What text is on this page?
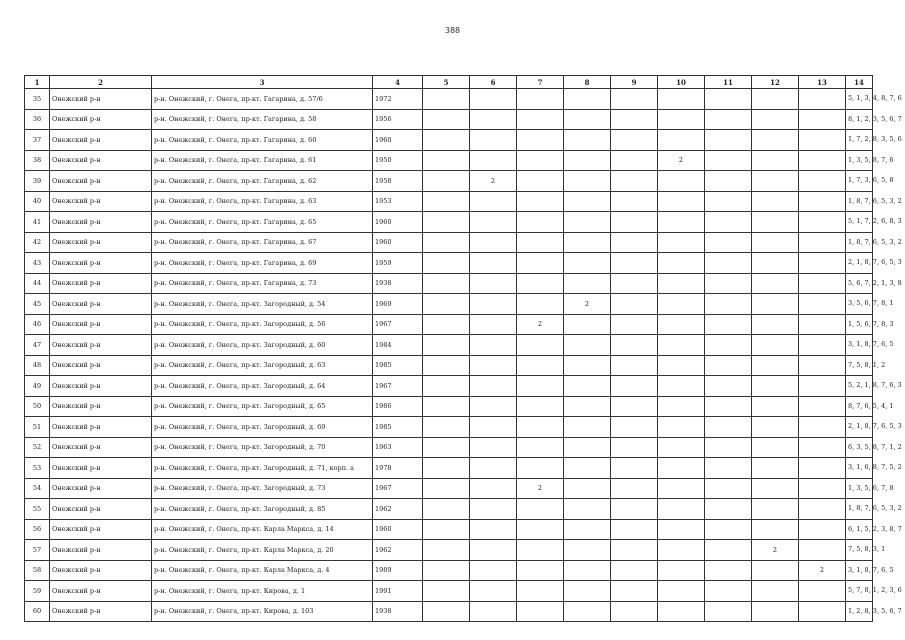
388
1	2	3	4	5	6	7	8	9	10	11	12	13	14
35	Онежский р-н	р-н. Онежский, г. Онега, пр-кт. Гагарина, д. 57/6	1972										5, 1, 3, 4, 8, 7, 6
36	Онежский р-н	р-н. Онежский, г. Онега, пр-кт. Гагарина, д. 58	1956										8, 1, 2, 3, 5, 6, 7
37	Онежский р-н	р-н. Онежский, г. Онега, пр-кт. Гагарина, д. 60	1960										1, 7, 2, 8, 3, 5, 6
38	Онежский р-н	р-н. Онежский, г. Онега, пр-кт. Гагарина, д. 61	1950						2				1, 3, 5, 8, 7, 6
39	Онежский р-н	р-н. Онежский, г. Онега, пр-кт. Гагарина, д. 62	1958		2								1, 7, 3, 6, 5, 8
40	Онежский р-н	р-н. Онежский, г. Онега, пр-кт. Гагарина, д. 63	1953										1, 8, 7, 6, 5, 3, 2
41	Онежский р-н	р-н. Онежский, г. Онега, пр-кт. Гагарина, д. 65	1960										5, 1, 7, 2, 6, 8, 3
42	Онежский р-н	р-н. Онежский, г. Онега, пр-кт. Гагарина, д. 67	1960										1, 8, 7, 6, 5, 3, 2
43	Онежский р-н	р-н. Онежский, г. Онега, пр-кт. Гагарина, д. 69	1959										2, 1, 8, 7, 6, 5, 3
44	Онежский р-н	р-н. Онежский, г. Онега, пр-кт. Гагарина, д. 73	1938										5, 6, 7, 2, 1, 3, 8
45	Онежский р-н	р-н. Онежский, г. Онега, пр-кт. Загородный, д. 54	1969				2						3, 5, 6, 7, 8, 1
46	Онежский р-н	р-н. Онежский, г. Онега, пр-кт. Загородный, д. 56	1967			2							1, 5, 6, 7, 8, 3
47	Онежский р-н	р-н. Онежский, г. Онега, пр-кт. Загородный, д. 60	1984										3, 1, 8, 7, 6, 5
48	Онежский р-н	р-н. Онежский, г. Онега, пр-кт. Загородный, д. 63	1985										7, 5, 8, 1, 2
49	Онежский р-н	р-н. Онежский, г. Онега, пр-кт. Загородный, д. 64	1967										5, 2, 1, 8, 7, 6, 3
50	Онежский р-н	р-н. Онежский, г. Онега, пр-кт. Загородный, д. 65	1986										8, 7, 6, 5, 4, 1
51	Онежский р-н	р-н. Онежский, г. Онега, пр-кт. Загородный, д. 69	1985										2, 1, 8, 7, 6, 5, 3
52	Онежский р-н	р-н. Онежский, г. Онега, пр-кт. Загородный, д. 70	1963										6, 3, 5, 8, 7, 1, 2
53	Онежский р-н	р-н. Онежский, г. Онега, пр-кт. Загородный, д. 71, корп. а	1978										3, 1, 6, 8, 7, 5, 2
54	Онежский р-н	р-н. Онежский, г. Онега, пр-кт. Загородный, д. 73	1967			2							1, 3, 5, 6, 7, 8
55	Онежский р-н	р-н. Онежский, г. Онега, пр-кт. Загородный, д. 85	1962										1, 8, 7, 6, 5, 3, 2
56	Онежский р-н	р-н. Онежский, г. Онега, пр-кт. Карла Маркса, д. 14	1960										6, 1, 5, 2, 3, 8, 7
57	Онежский р-н	р-н. Онежский, г. Онега, пр-кт. Карла Маркса, д. 20	1962								2		7, 5, 8, 3, 1
58	Онежский р-н	р-н. Онежский, г. Онега, пр-кт. Карла Маркса, д. 4	1989									2	3, 1, 8, 7, 6, 5
59	Онежский р-н	р-н. Онежский, г. Онега, пр-кт. Кирова, д. 1	1991										5, 7, 8, 1, 2, 3, 6
60	Онежский р-н	р-н. Онежский, г. Онега, пр-кт. Кирова, д. 103	1938										1, 2, 8, 3, 5, 6, 7
